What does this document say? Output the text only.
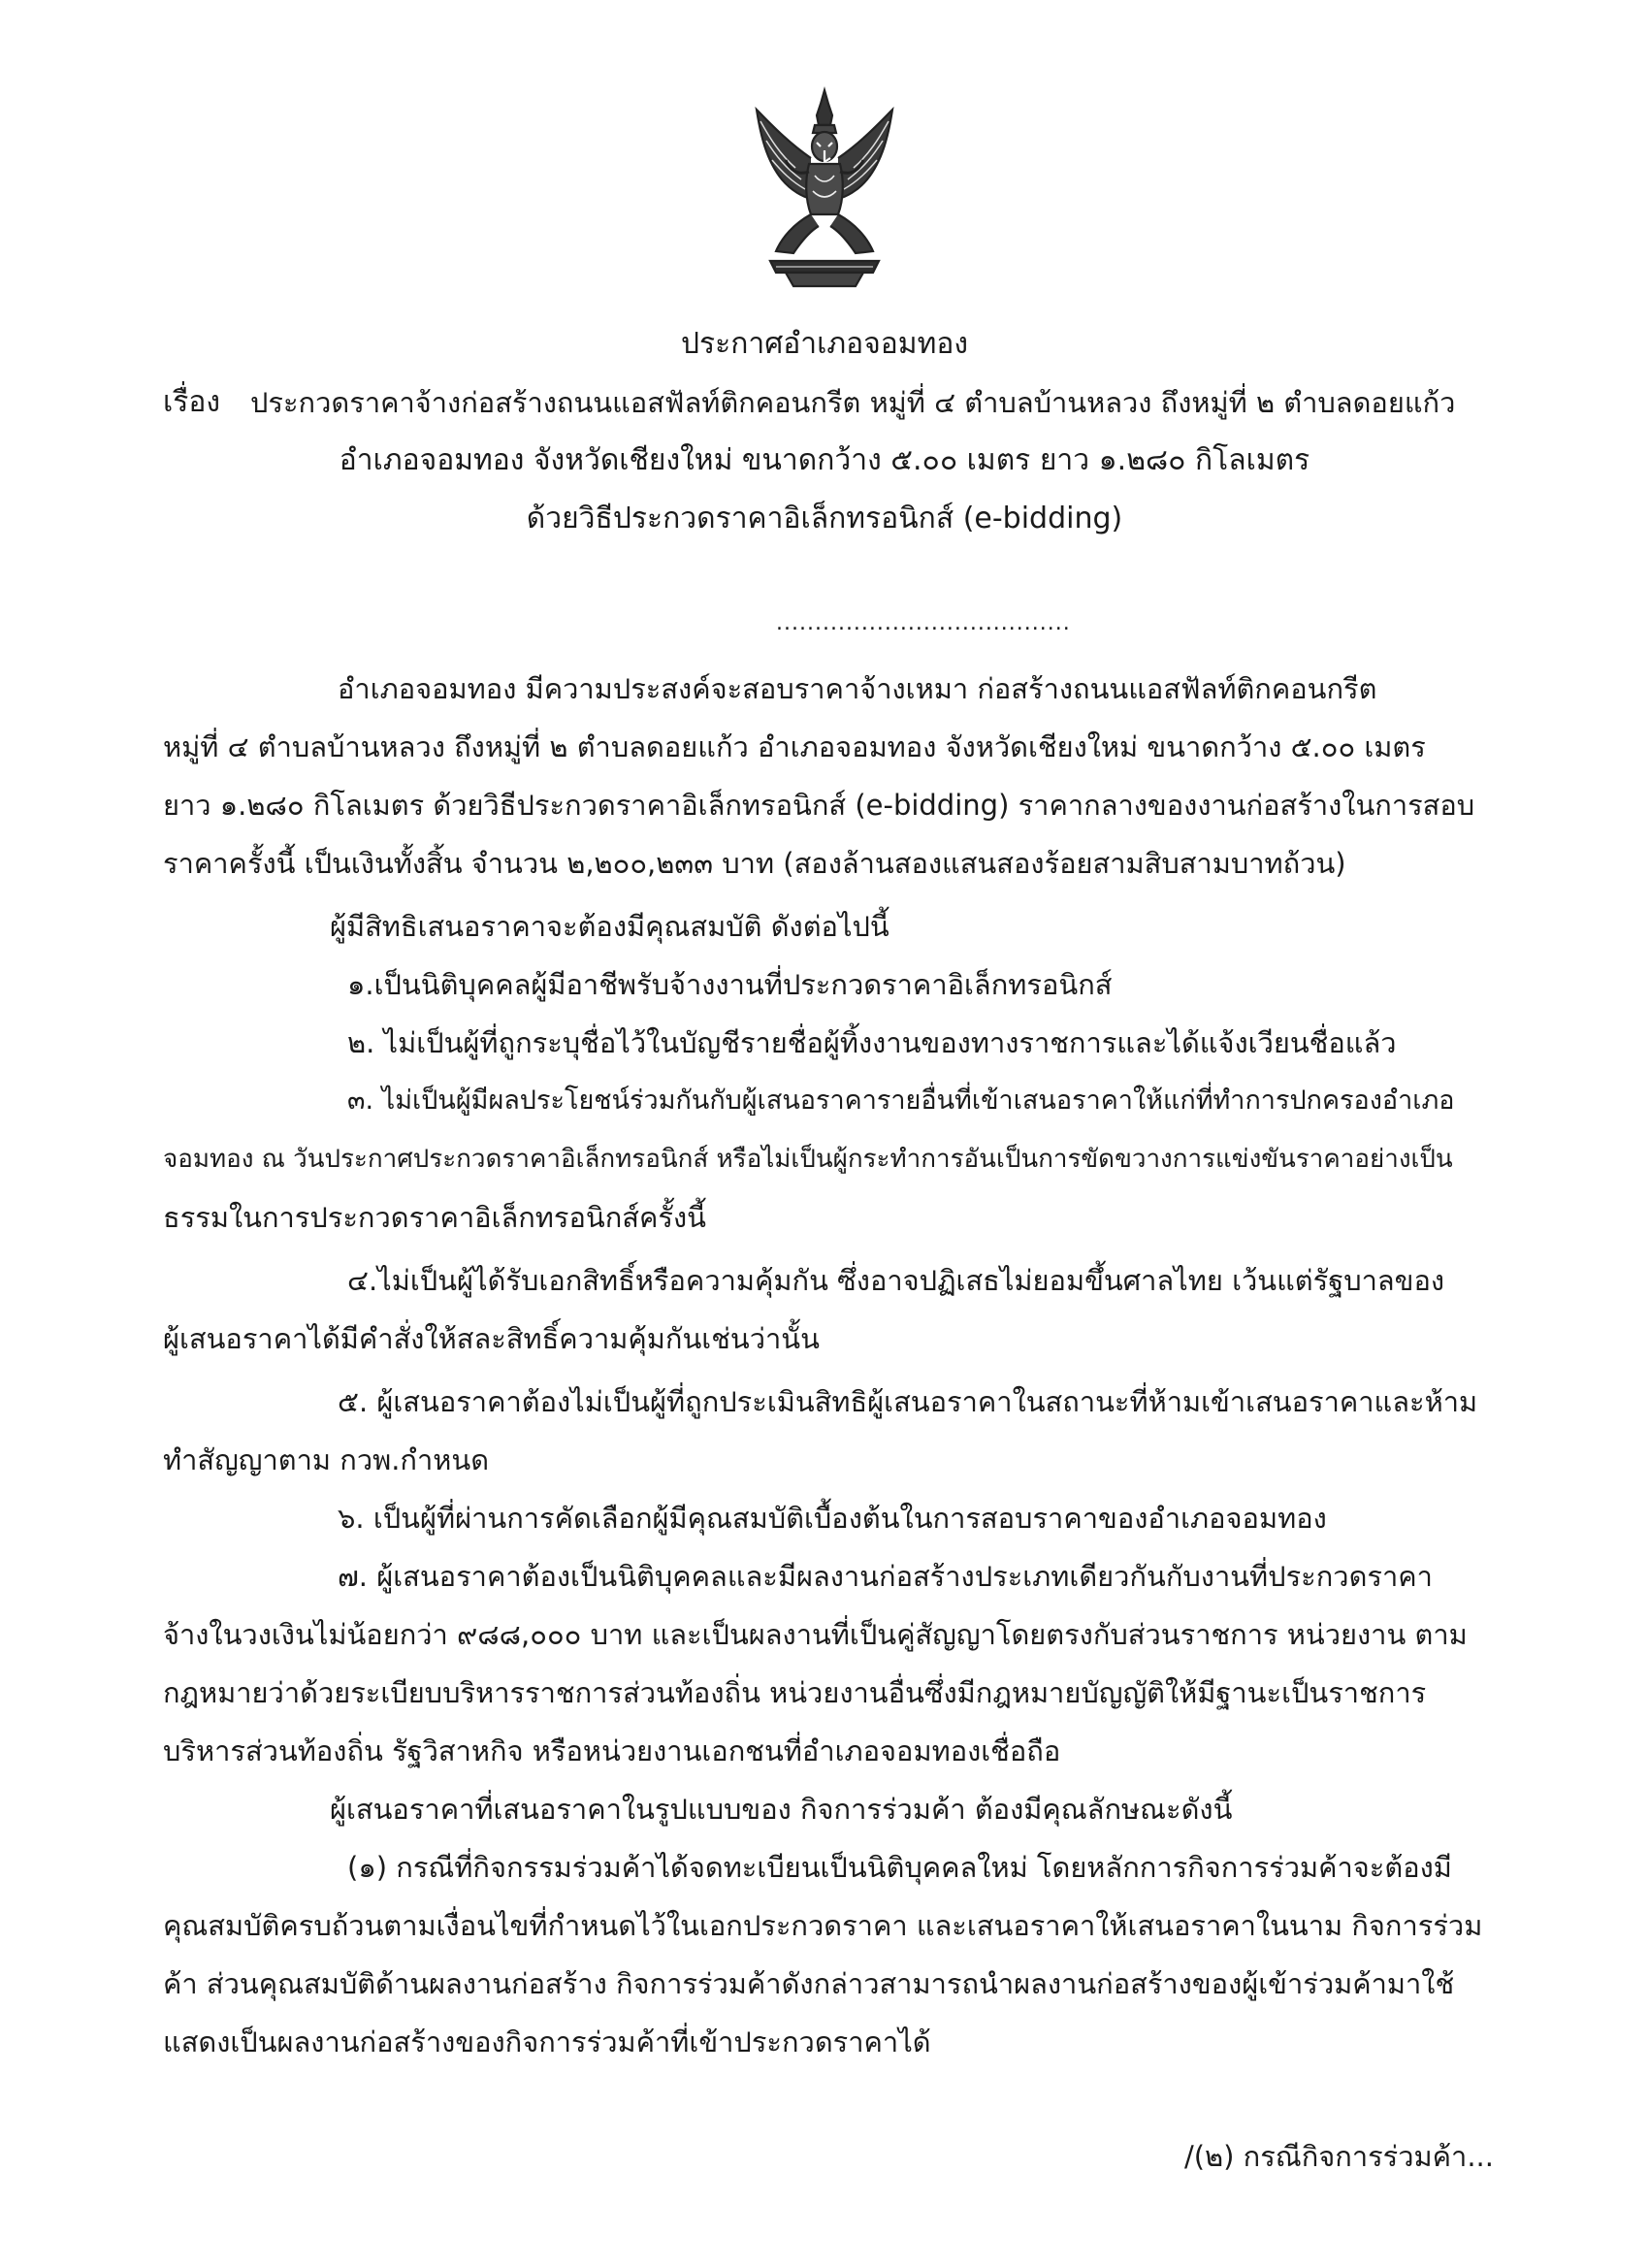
ประกาศอำเภอจอมทอง
เรื่อง ประกวดราคาจ้างก่อสร้างถนนแอสฟัลท์ติกคอนกรีต หมู่ที่ ๔ ตำบลบ้านหลวง ถึงหมู่ที่ ๒ ตำบลดอยแก้ว
อำเภอจอมทอง จังหวัดเชียงใหม่ ขนาดกว้าง ๕.๐๐ เมตร ยาว ๑.๒๘๐ กิโลเมตร
ด้วยวิธีประกวดราคาอิเล็กทรอนิกส์ (e-bidding)
......................................
อำเภอจอมทอง มีความประสงค์จะสอบราคาจ้างเหมา ก่อสร้างถนนแอสฟัลท์ติกคอนกรีต
หมู่ที่ ๔ ตำบลบ้านหลวง ถึงหมู่ที่ ๒ ตำบลดอยแก้ว อำเภอจอมทอง จังหวัดเชียงใหม่ ขนาดกว้าง ๕.๐๐ เมตร
ยาว ๑.๒๘๐ กิโลเมตร ด้วยวิธีประกวดราคาอิเล็กทรอนิกส์ (e-bidding) ราคากลางของงานก่อสร้างในการสอบ
ราคาครั้งนี้ เป็นเงินทั้งสิ้น จำนวน ๒,๒๐๐,๒๓๓ บาท (สองล้านสองแสนสองร้อยสามสิบสามบาทถ้วน)
ผู้มีสิทธิเสนอราคาจะต้องมีคุณสมบัติ ดังต่อไปนี้
๑.เป็นนิติบุคคลผู้มีอาชีพรับจ้างงานที่ประกวดราคาอิเล็กทรอนิกส์
๒. ไม่เป็นผู้ที่ถูกระบุชื่อไว้ในบัญชีรายชื่อผู้ทิ้งงานของทางราชการและได้แจ้งเวียนชื่อแล้ว
๓. ไม่เป็นผู้มีผลประโยชน์ร่วมกันกับผู้เสนอราคารายอื่นที่เข้าเสนอราคาให้แก่ที่ทำการปกครองอำเภอ
จอมทอง ณ วันประกาศประกวดราคาอิเล็กทรอนิกส์ หรือไม่เป็นผู้กระทำการอันเป็นการขัดขวางการแข่งขันราคาอย่างเป็น
ธรรมในการประกวดราคาอิเล็กทรอนิกส์ครั้งนี้
๔.ไม่เป็นผู้ได้รับเอกสิทธิ์หรือความคุ้มกัน ซึ่งอาจปฏิเสธไม่ยอมขึ้นศาลไทย เว้นแต่รัฐบาลของ
ผู้เสนอราคาได้มีคำสั่งให้สละสิทธิ์ความคุ้มกันเช่นว่านั้น
๕. ผู้เสนอราคาต้องไม่เป็นผู้ที่ถูกประเมินสิทธิผู้เสนอราคาในสถานะที่ห้ามเข้าเสนอราคาและห้าม
ทำสัญญาตาม กวพ.กำหนด
๖. เป็นผู้ที่ผ่านการคัดเลือกผู้มีคุณสมบัติเบื้องต้นในการสอบราคาของอำเภอจอมทอง
๗. ผู้เสนอราคาต้องเป็นนิติบุคคลและมีผลงานก่อสร้างประเภทเดียวกันกับงานที่ประกวดราคา
จ้างในวงเงินไม่น้อยกว่า ๙๘๘,๐๐๐ บาท และเป็นผลงานที่เป็นคู่สัญญาโดยตรงกับส่วนราชการ หน่วยงาน ตาม
กฎหมายว่าด้วยระเบียบบริหารราชการส่วนท้องถิ่น หน่วยงานอื่นซึ่งมีกฎหมายบัญญัติให้มีฐานะเป็นราชการ
บริหารส่วนท้องถิ่น รัฐวิสาหกิจ หรือหน่วยงานเอกชนที่อำเภอจอมทองเชื่อถือ
ผู้เสนอราคาที่เสนอราคาในรูปแบบของ กิจการร่วมค้า ต้องมีคุณลักษณะดังนี้
(๑) กรณีที่กิจกรรมร่วมค้าได้จดทะเบียนเป็นนิติบุคคลใหม่ โดยหลักการกิจการร่วมค้าจะต้องมี
คุณสมบัติครบถ้วนตามเงื่อนไขที่กำหนดไว้ในเอกประกวดราคา และเสนอราคาให้เสนอราคาในนาม กิจการร่วม
ค้า ส่วนคุณสมบัติด้านผลงานก่อสร้าง กิจการร่วมค้าดังกล่าวสามารถนำผลงานก่อสร้างของผู้เข้าร่วมค้ามาใช้
แสดงเป็นผลงานก่อสร้างของกิจการร่วมค้าที่เข้าประกวดราคาได้
/(๒) กรณีกิจการร่วมค้า...
